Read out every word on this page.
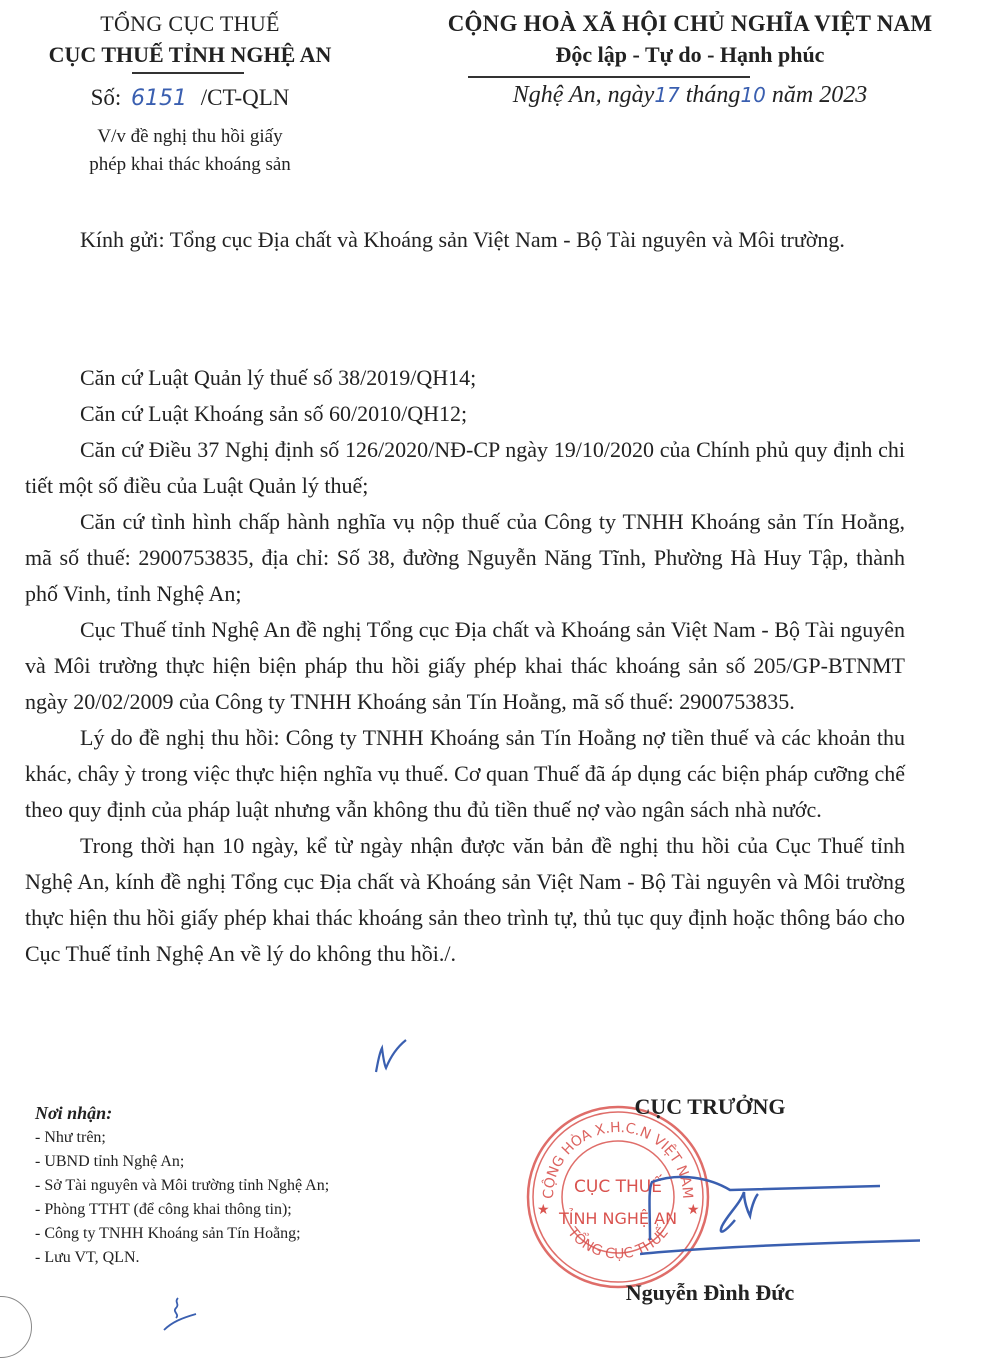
TỔNG CỤC THUẾ
CỤC THUẾ TỈNH NGHỆ AN
Số: 6151 /CT-QLN
V/v đề nghị thu hồi giấy
phép khai thác khoáng sản
CỘNG HOÀ XÃ HỘI CHỦ NGHĨA VIỆT NAM
Độc lập - Tự do - Hạnh phúc
Nghệ An, ngày17 tháng10 năm 2023
Kính gửi: Tổng cục Địa chất và Khoáng sản Việt Nam - Bộ Tài nguyên và Môi trường.

Căn cứ Luật Quản lý thuế số 38/2019/QH14;

Căn cứ Luật Khoáng sản số 60/2010/QH12;

Căn cứ Điều 37 Nghị định số 126/2020/NĐ-CP ngày 19/10/2020 của Chính phủ quy định chi tiết một số điều của Luật Quản lý thuế;

Căn cứ tình hình chấp hành nghĩa vụ nộp thuế của Công ty TNHH Khoáng sản Tín Hoằng, mã số thuế: 2900753835, địa chỉ: Số 38, đường Nguyễn Năng Tĩnh, Phường Hà Huy Tập, thành phố Vinh, tỉnh Nghệ An;

Cục Thuế tỉnh Nghệ An đề nghị Tổng cục Địa chất và Khoáng sản Việt Nam - Bộ Tài nguyên và Môi trường thực hiện biện pháp thu hồi giấy phép khai thác khoáng sản số 205/GP-BTNMT ngày 20/02/2009 của Công ty TNHH Khoáng sản Tín Hoằng, mã số thuế: 2900753835.

Lý do đề nghị thu hồi: Công ty TNHH Khoáng sản Tín Hoằng nợ tiền thuế và các khoản thu khác, chây ỳ trong việc thực hiện nghĩa vụ thuế. Cơ quan Thuế đã áp dụng các biện pháp cưỡng chế theo quy định của pháp luật nhưng vẫn không thu đủ tiền thuế nợ vào ngân sách nhà nước.

Trong thời hạn 10 ngày, kể từ ngày nhận được văn bản đề nghị thu hồi của Cục Thuế tỉnh Nghệ An, kính đề nghị Tổng cục Địa chất và Khoáng sản Việt Nam - Bộ Tài nguyên và Môi trường thực hiện thu hồi giấy phép khai thác khoáng sản theo trình tự, thủ tục quy định hoặc thông báo cho Cục Thuế tỉnh Nghệ An về lý do không thu hồi./.

Nơi nhận:
- Như trên;
- UBND tỉnh Nghệ An;
- Sở Tài nguyên và Môi trường tỉnh Nghệ An;
- Phòng TTHT (để công khai thông tin);
- Công ty TNHH Khoáng sản Tín Hoằng;
- Lưu VT, QLN.
CỘNG HÒA X.H.C.N VIỆT NAM
TỔNG CỤC THUẾ
CỤC THUẾ
TỈNH NGHỆ AN
★	★
CỤC TRƯỞNG
Nguyễn Đình Đức
